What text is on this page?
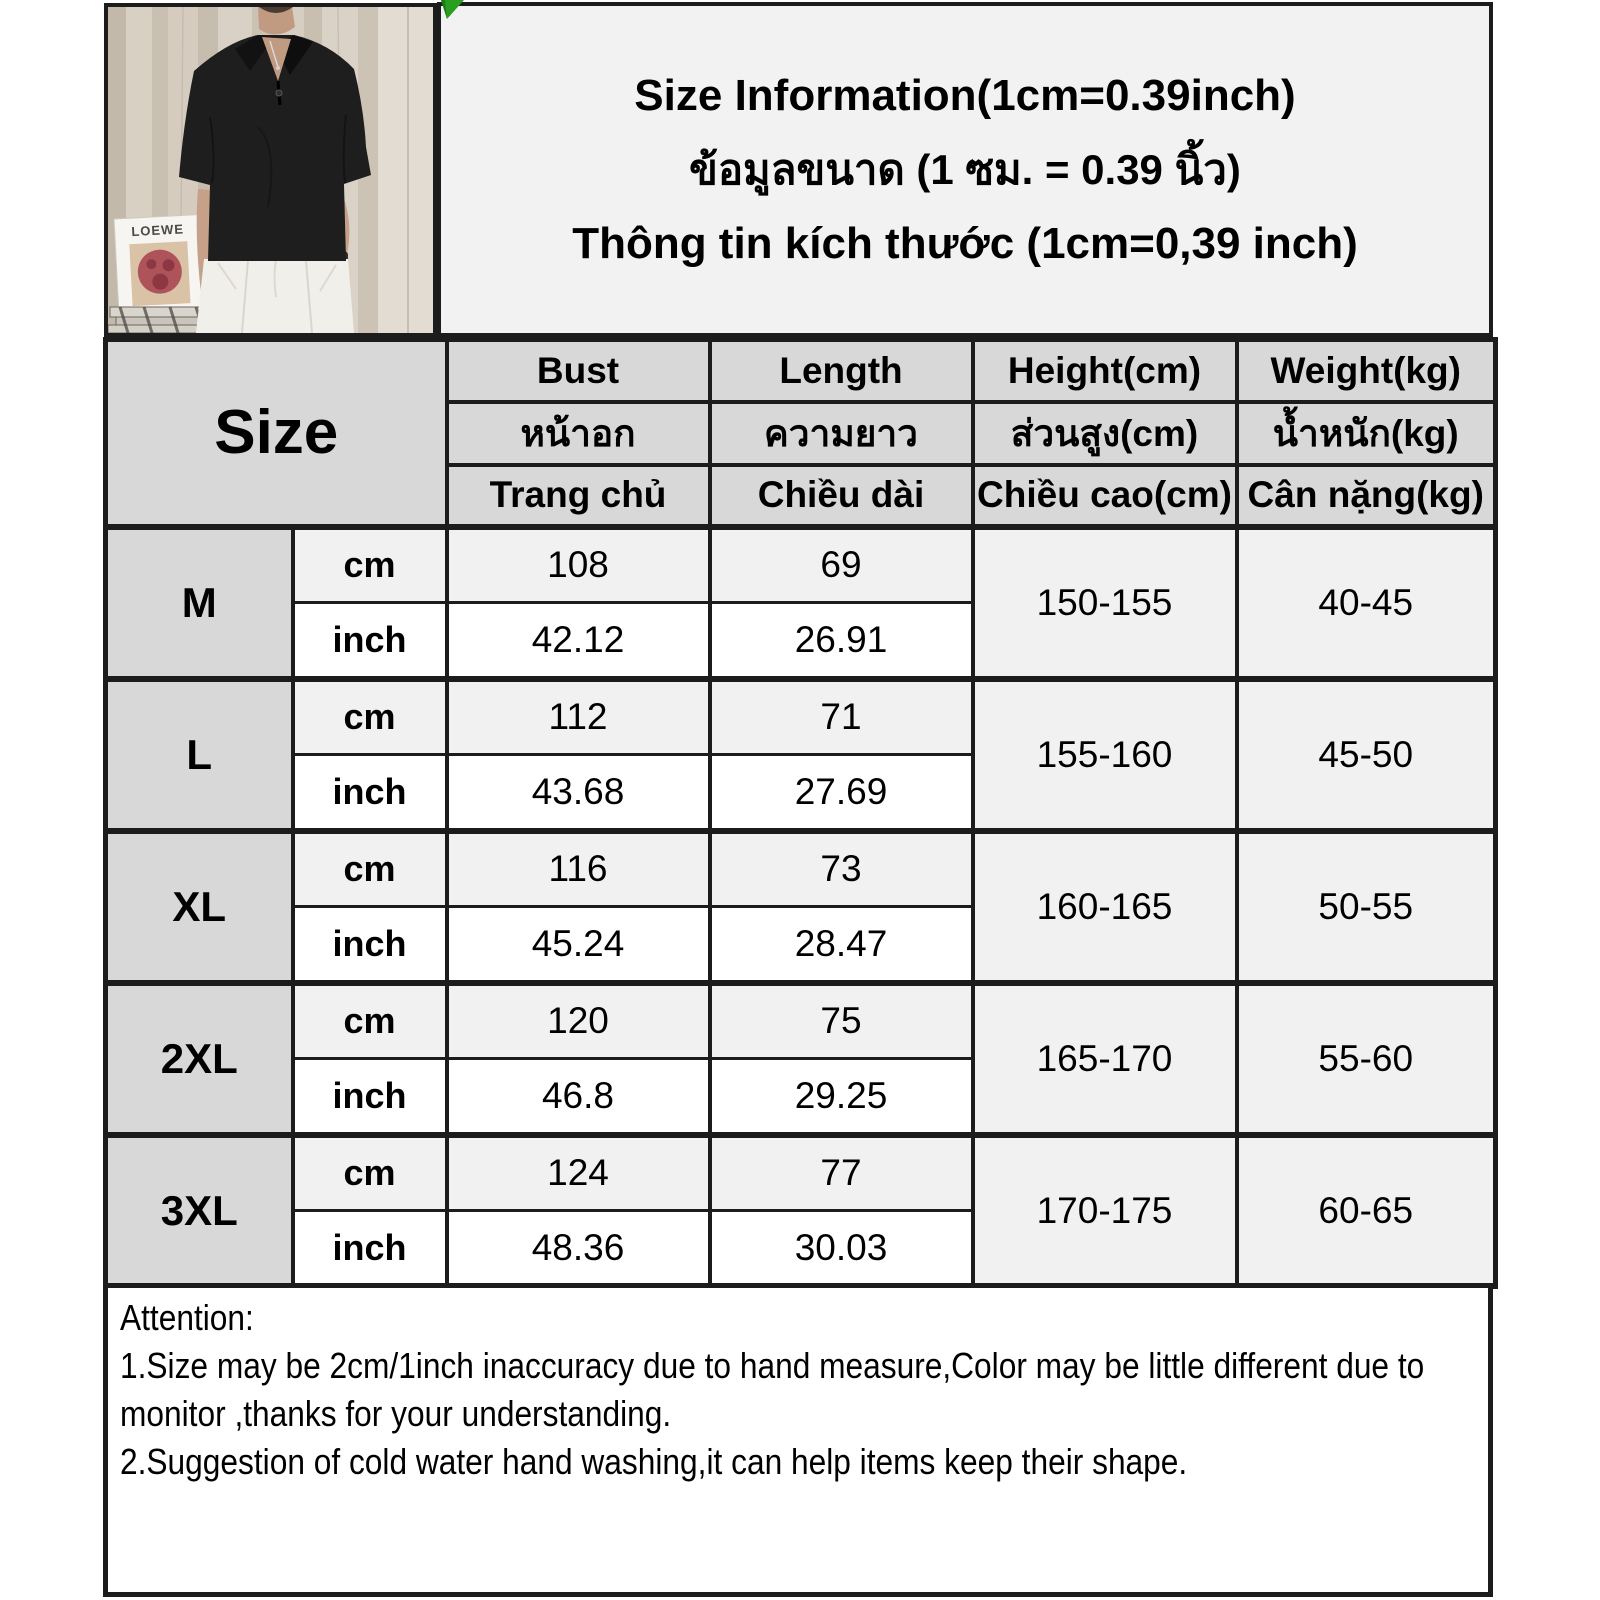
LOEWE
Size Information(1cm=0.39inch)
ข้อมูลขนาด (1 ซม. = 0.39 นิ้ว)
Thông tin kích thước (1cm=0,39 inch)
Size		Bust	Length	Height(cm)	Weight(kg)
		หน้าอก	ความยาว	ส่วนสูง(cm)	น้ำหนัก(kg)
		Trang chủ	Chiều dài	Chiều cao(cm)	Cân nặng(kg)
M	cm	108	69	150-155	40-45
	inch	42.12	26.91		
L	cm	112	71	155-160	45-50
	inch	43.68	27.69		
XL	cm	116	73	160-165	50-55
	inch	45.24	28.47		
2XL	cm	120	75	165-170	55-60
	inch	46.8	29.25		
3XL	cm	124	77	170-175	60-65
	inch	48.36	30.03		
Attention:
1.Size may be 2cm/1inch inaccuracy due to hand measure,Color may be little different due to monitor ,thanks for your understanding.
2.Suggestion of cold water hand washing,it can help items keep their shape.
